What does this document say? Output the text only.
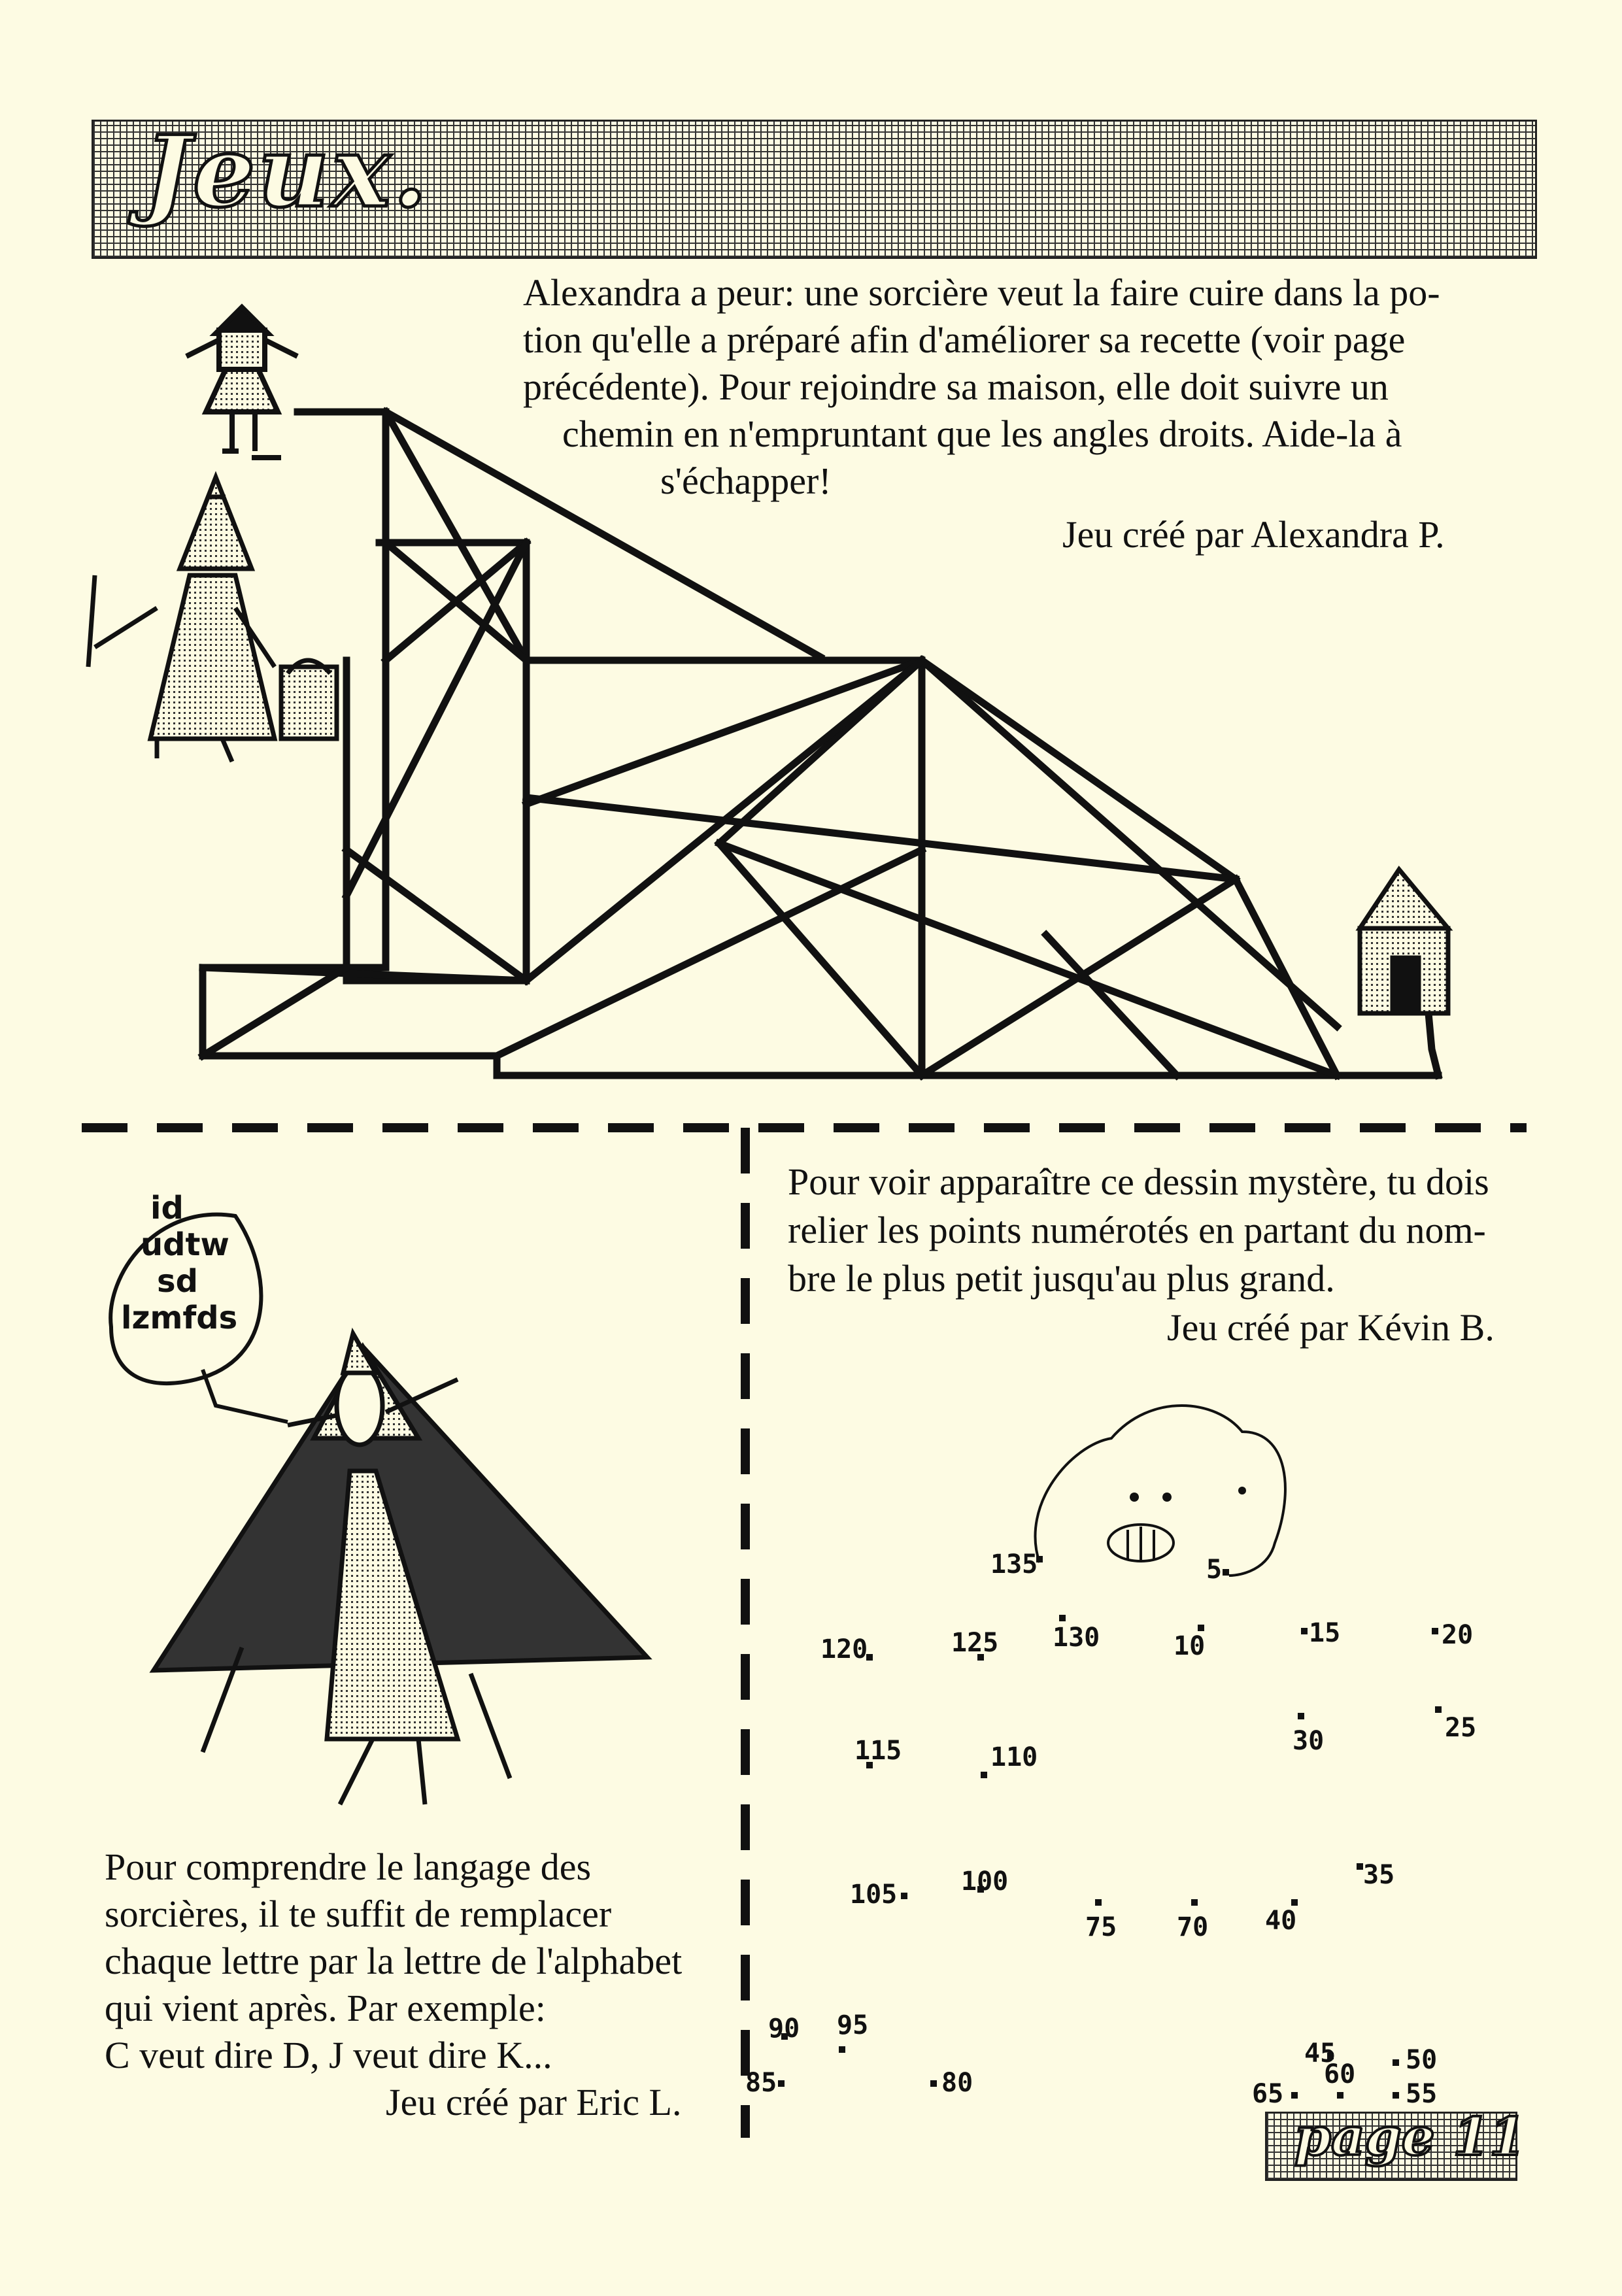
Jeux.
Alexandra a peur: une sorcière veut la faire cuire dans la po-
tion qu'elle a préparé afin d'améliorer sa recette (voir page
précédente). Pour rejoindre sa maison, elle doit suivre un
chemin en n'empruntant que les angles droits. Aide-la à
s'échapper!
Jeu créé par Alexandra P.
Pour voir apparaître ce dessin mystère, tu dois
relier les points numérotés en partant du nom-
bre le plus petit jusqu'au plus grand.
Jeu créé par Kévin B.
135	5
120	125 130	10	15	20
30	25
115	110
35
105 100
75 70 40
90 95
85	80
45	50
60
65	55
id
udtw
sd
lzmfds
Pour comprendre le langage des
sorcières, il te suffit de remplacer
chaque lettre par la lettre de l'alphabet
qui vient après. Par exemple:
C veut dire D, J veut dire K...
Jeu créé par Eric L.
page 11
